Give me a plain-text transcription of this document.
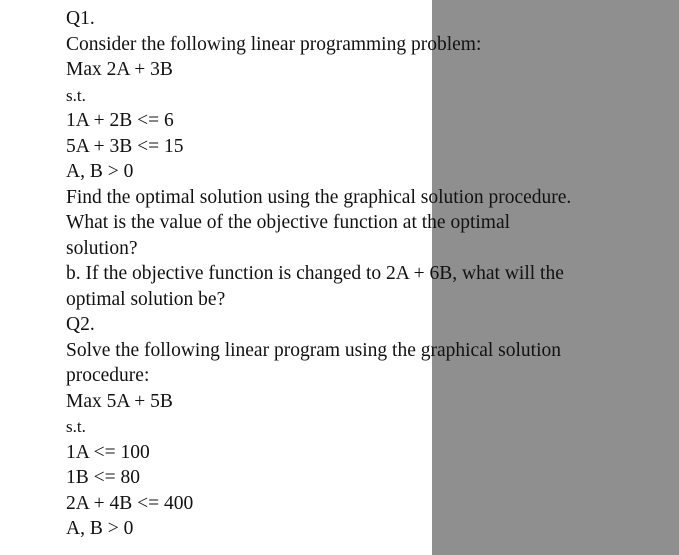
Q1.
Consider the following linear programming problem:
Max 2A + 3B
s.t.
1A + 2B <= 6
5A + 3B <= 15
A, B > 0
Find the optimal solution using the graphical solution procedure.
What is the value of the objective function at the optimal
solution?
b. If the objective function is changed to 2A + 6B, what will the
optimal solution be?
Q2.
Solve the following linear program using the graphical solution
procedure:
Max 5A + 5B
s.t.
1A <= 100
1B <= 80
2A + 4B <= 400
A, B > 0
